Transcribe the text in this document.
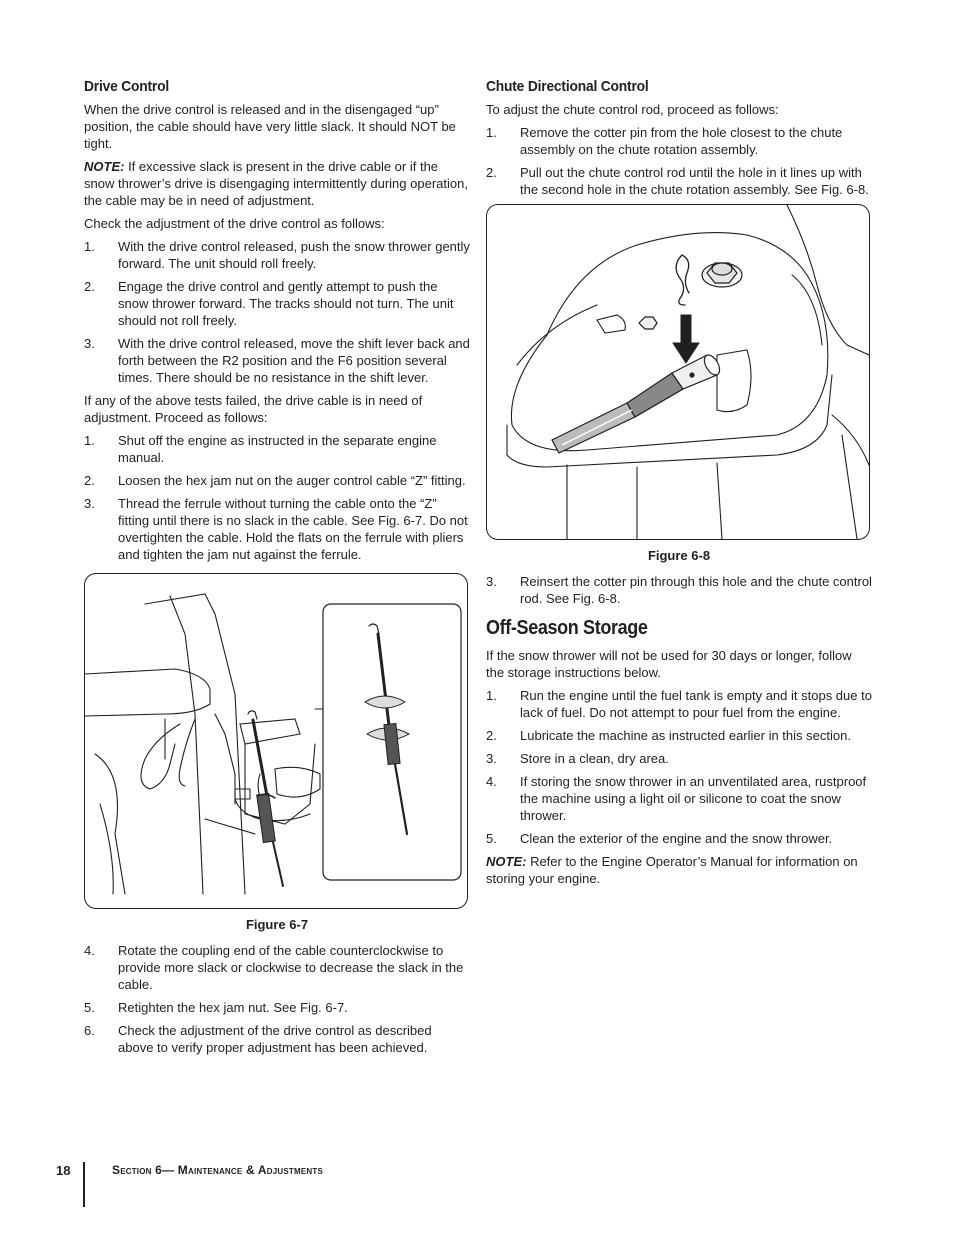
Drive Control

When the drive control is released and in the disengaged “up” position, the cable should have very little slack. It should NOT be tight.

NOTE: If excessive slack is present in the drive cable or if the snow thrower’s drive is disengaging intermittently during operation, the cable may be in need of adjustment.

Check the adjustment of the drive control as follows:

1.	With the drive control released, push the snow thrower gently forward. The unit should roll freely.
2.	Engage the drive control and gently attempt to push the snow thrower forward. The tracks should not turn. The unit should not roll freely.
3.	With the drive control released, move the shift lever back and forth between the R2 position and the F6 position several times. There should be no resistance in the shift lever.

If any of the above tests failed, the drive cable is in need of adjustment. Proceed as follows:

1.	Shut off the engine as instructed in the separate engine manual.
2.	Loosen the hex jam nut on the auger control cable “Z” fitting.
3.	Thread the ferrule without turning the cable onto the “Z” fitting until there is no slack in the cable. See Fig. 6-7. Do not overtighten the cable. Hold the flats on the ferrule with pliers and tighten the jam nut against the ferrule.
Figure 6-7
4.	Rotate the coupling end of the cable counterclockwise to provide more slack or clockwise to decrease the slack in the cable.
5.	Retighten the hex jam nut. See Fig. 6-7.
6.	Check the adjustment of the drive control as described above to verify proper adjustment has been achieved.
Chute Directional Control

To adjust the chute control rod, proceed as follows:

1.	Remove the cotter pin from the hole closest to the chute assembly on the chute rotation assembly.
2.	Pull out the chute control rod until the hole in it lines up with the second hole in the chute rotation assembly. See Fig. 6-8.
Figure 6-8
3.	Reinsert the cotter pin through this hole and the chute control rod. See Fig. 6-8.
Off-Season Storage

If the snow thrower will not be used for 30 days or longer, follow the storage instructions below.

1.	Run the engine until the fuel tank is empty and it stops due to lack of fuel. Do not attempt to pour fuel from the engine.
2.	Lubricate the machine as instructed earlier in this section.
3.	Store in a clean, dry area.
4.	If storing the snow thrower in an unventilated area, rustproof the machine using a light oil or silicone to coat the snow thrower.
5.	Clean the exterior of the engine and the snow thrower.

NOTE: Refer to the Engine Operator’s Manual for information on storing your engine.

18	Section 6— Maintenance & Adjustments
